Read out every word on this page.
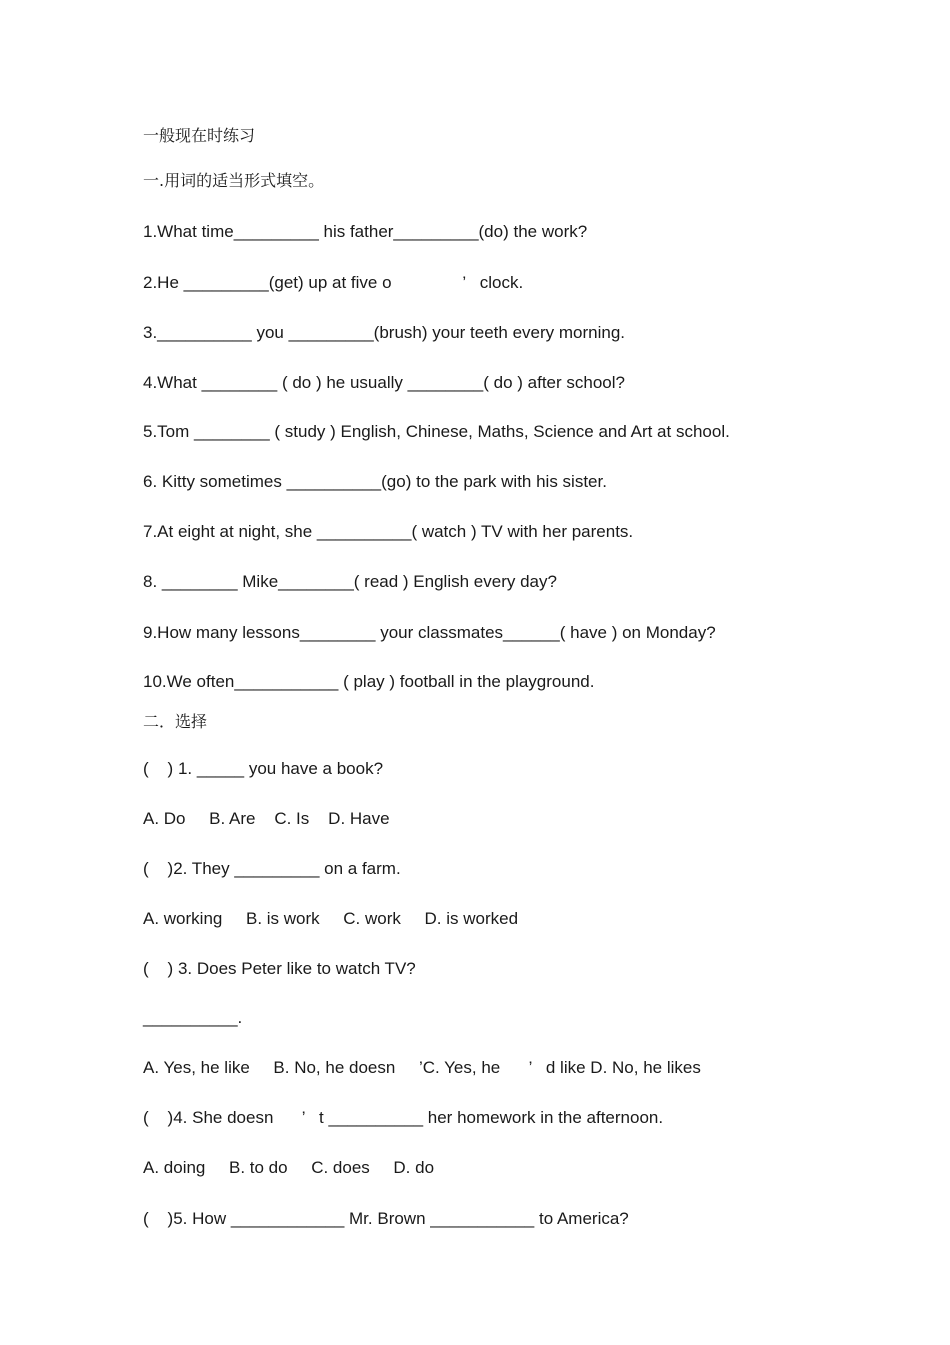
一般现在时练习
一.用词的适当形式填空。
1.What time_________ his father_________(do) the work?
2.He _________(get) up at five o               ’   clock.
3.__________ you _________(brush) your teeth every morning.
4.What ________ ( do ) he usually ________( do ) after school?
5.Tom ________ ( study ) English, Chinese, Maths, Science and Art at school.
6. Kitty sometimes __________(go) to the park with his sister.
7.At eight at night, she __________( watch ) TV with her parents.
8. ________ Mike________( read ) English every day?
9.How many lessons________ your classmates______( have ) on Monday?
10.We often___________ ( play ) football in the playground.
二．选择
(    ) 1. _____ you have a book?
A. Do     B. Are    C. Is    D. Have
(    )2. They _________ on a farm.
A. working     B. is work     C. work     D. is worked
(    ) 3. Does Peter like to watch TV?
__________.
A. Yes, he like     B. No, he doesn     ’C. Yes, he      ’   d like D. No, he likes
(    )4. She doesn      ’   t __________ her homework in the afternoon.
A. doing     B. to do     C. does     D. do
(    )5. How ____________ Mr. Brown ___________ to America?
